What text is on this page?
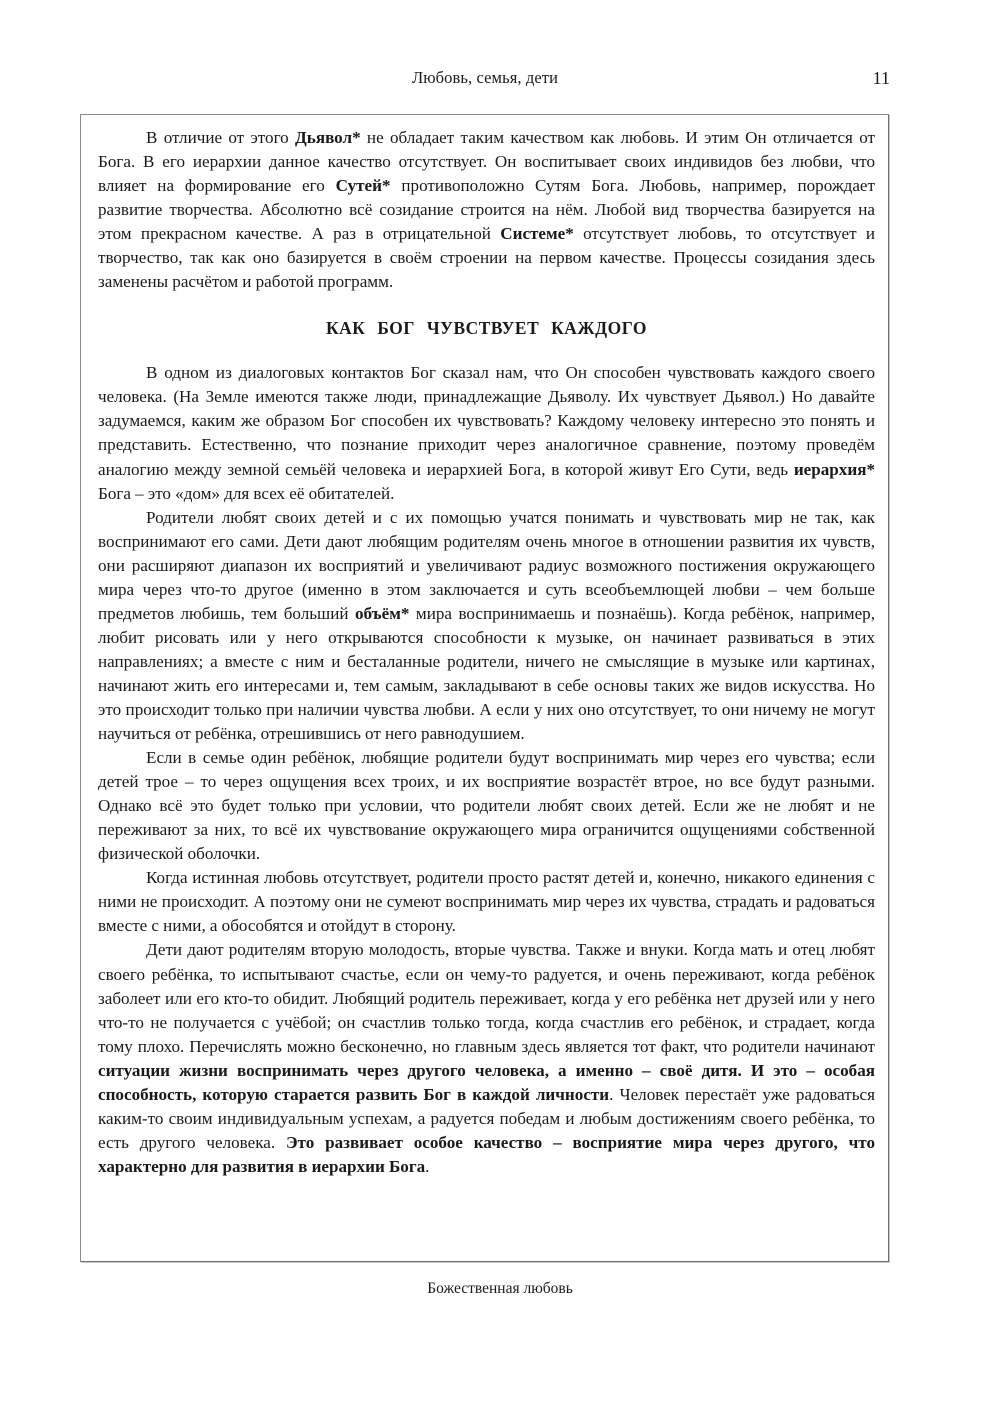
Любовь, семья, дети	11

В отличие от этого Дьявол* не обладает таким качеством как любовь. И этим Он отличается от Бога. В его иерархии данное качество отсутствует. Он воспитывает своих индивидов без любви, что влияет на формирование его Сутей* противоположно Сутям Бога. Любовь, например, порождает развитие творчества. Абсолютно всё созидание строится на нём. Любой вид творчества базируется на этом прекрасном качестве. А раз в отрицательной Системе* отсутствует любовь, то отсутствует и творчество, так как оно базируется в своём строении на первом качестве. Процессы созидания здесь заменены расчётом и работой программ.

КАК БОГ ЧУВСТВУЕТ КАЖДОГО

В одном из диалоговых контактов Бог сказал нам, что Он способен чувствовать каждого своего человека. (На Земле имеются также люди, принадлежащие Дьяволу. Их чувствует Дьявол.) Но давайте задумаемся, каким же образом Бог способен их чувствовать? Каждому человеку интересно это понять и представить. Естественно, что познание приходит через аналогичное сравнение, поэтому проведём аналогию между земной семьёй человека и иерархией Бога, в которой живут Его Сути, ведь иерархия* Бога – это «дом» для всех её обитателей.

Родители любят своих детей и с их помощью учатся понимать и чувствовать мир не так, как воспринимают его сами. Дети дают любящим родителям очень многое в отношении развития их чувств, они расширяют диапазон их восприятий и увеличивают радиус возможного постижения окружающего мира через что-то другое (именно в этом заключается и суть всеобъемлющей любви – чем больше предметов любишь, тем больший объём* мира воспринимаешь и познаёшь). Когда ребёнок, например, любит рисовать или у него открываются способности к музыке, он начинает развиваться в этих направлениях; а вместе с ним и бесталанные родители, ничего не смыслящие в музыке или картинах, начинают жить его интересами и, тем самым, закладывают в себе основы таких же видов искусства. Но это происходит только при наличии чувства любви. А если у них оно отсутствует, то они ничему не могут научиться от ребёнка, отрешившись от него равнодушием.

Если в семье один ребёнок, любящие родители будут воспринимать мир через его чувства; если детей трое – то через ощущения всех троих, и их восприятие возрастёт втрое, но все будут разными. Однако всё это будет только при условии, что родители любят своих детей. Если же не любят и не переживают за них, то всё их чувствование окружающего мира ограничится ощущениями собственной физической оболочки.

Когда истинная любовь отсутствует, родители просто растят детей и, конечно, никакого единения с ними не происходит. А поэтому они не сумеют воспринимать мир через их чувства, страдать и радоваться вместе с ними, а обособятся и отойдут в сторону.

Дети дают родителям вторую молодость, вторые чувства. Также и внуки. Когда мать и отец любят своего ребёнка, то испытывают счастье, если он чему-то радуется, и очень переживают, когда ребёнок заболеет или его кто-то обидит. Любящий родитель переживает, когда у его ребёнка нет друзей или у него что-то не получается с учёбой; он счастлив только тогда, когда счастлив его ребёнок, и страдает, когда тому плохо. Перечислять можно бесконечно, но главным здесь является тот факт, что родители начинают ситуации жизни воспринимать через другого человека, а именно – своё дитя. И это – особая способность, которую старается развить Бог в каждой личности. Человек перестаёт уже радоваться каким-то своим индивидуальным успехам, а радуется победам и любым достижениям своего ребёнка, то есть другого человека. Это развивает особое качество – восприятие мира через другого, что характерно для развития в иерархии Бога.

Божественная любовь
